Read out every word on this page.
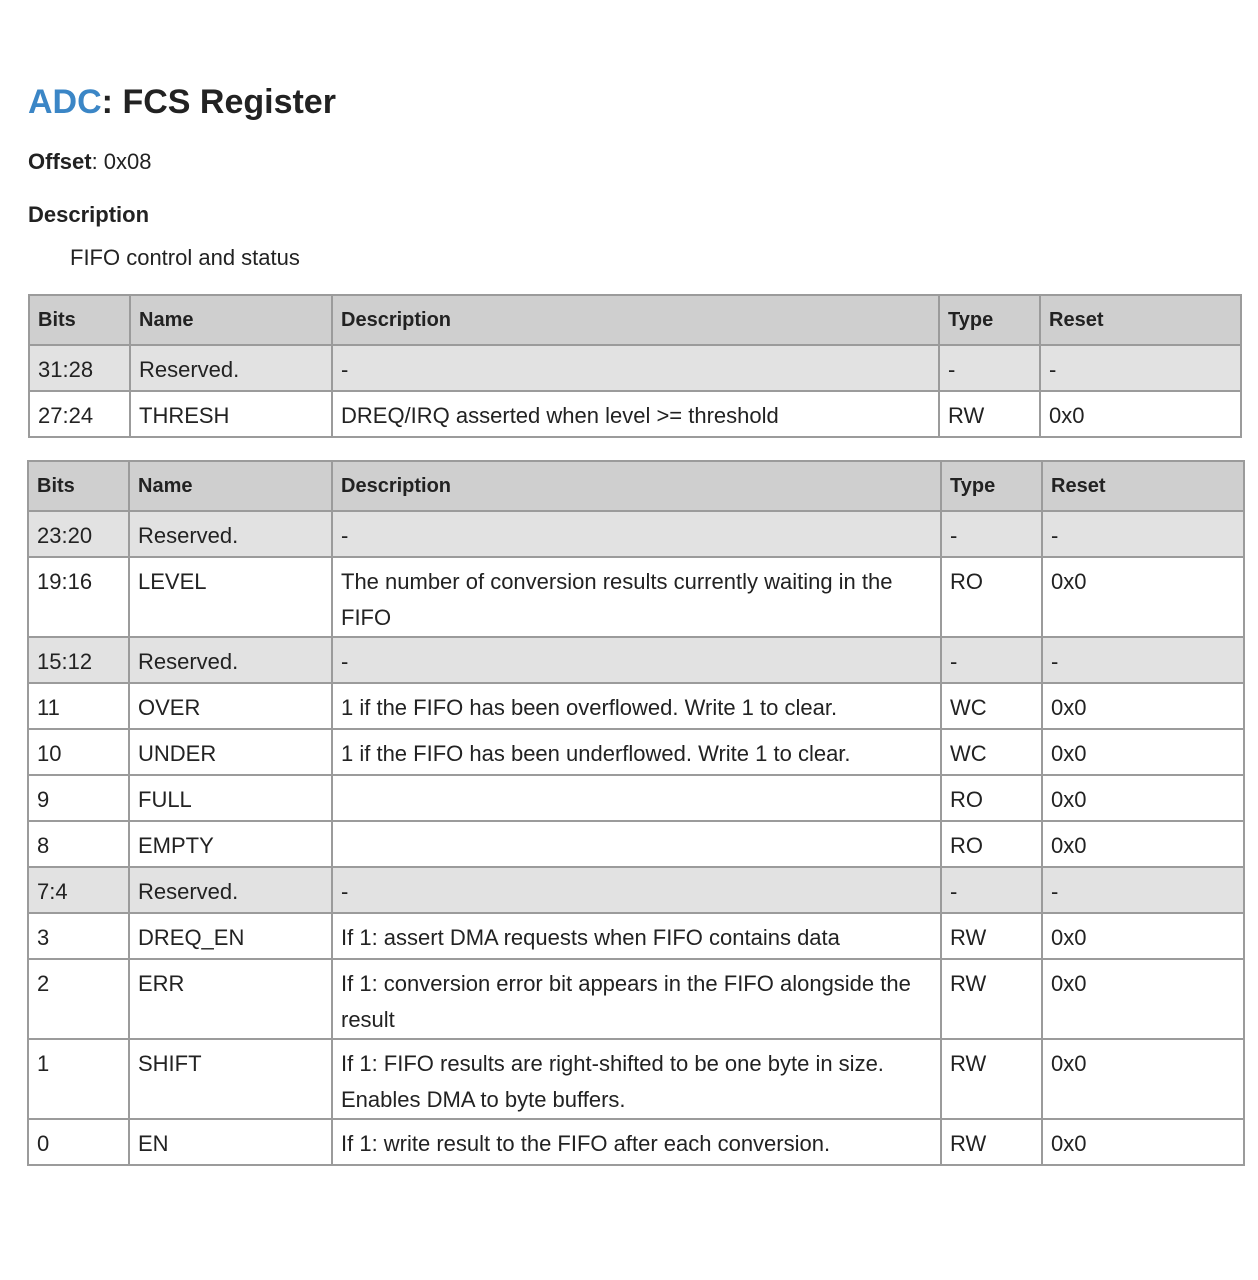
ADC: FCS Register
Offset: 0x08
Description
FIFO control and status
Bits	Name	Description	Type	Reset
31:28	Reserved.	-	-	-
27:24	THRESH	DREQ/IRQ asserted when level >= threshold	RW	0x0
Bits	Name	Description	Type	Reset
23:20	Reserved.	-	-	-
19:16	LEVEL	The number of conversion results currently waiting in the FIFO	RO	0x0
15:12	Reserved.	-	-	-
11	OVER	1 if the FIFO has been overflowed. Write 1 to clear.	WC	0x0
10	UNDER	1 if the FIFO has been underflowed. Write 1 to clear.	WC	0x0
9	FULL		RO	0x0
8	EMPTY		RO	0x0
7:4	Reserved.	-	-	-
3	DREQ_EN	If 1: assert DMA requests when FIFO contains data	RW	0x0
2	ERR	If 1: conversion error bit appears in the FIFO alongside the result	RW	0x0
1	SHIFT	If 1: FIFO results are right-shifted to be one byte in size. Enables DMA to byte buffers.	RW	0x0
0	EN	If 1: write result to the FIFO after each conversion.	RW	0x0
